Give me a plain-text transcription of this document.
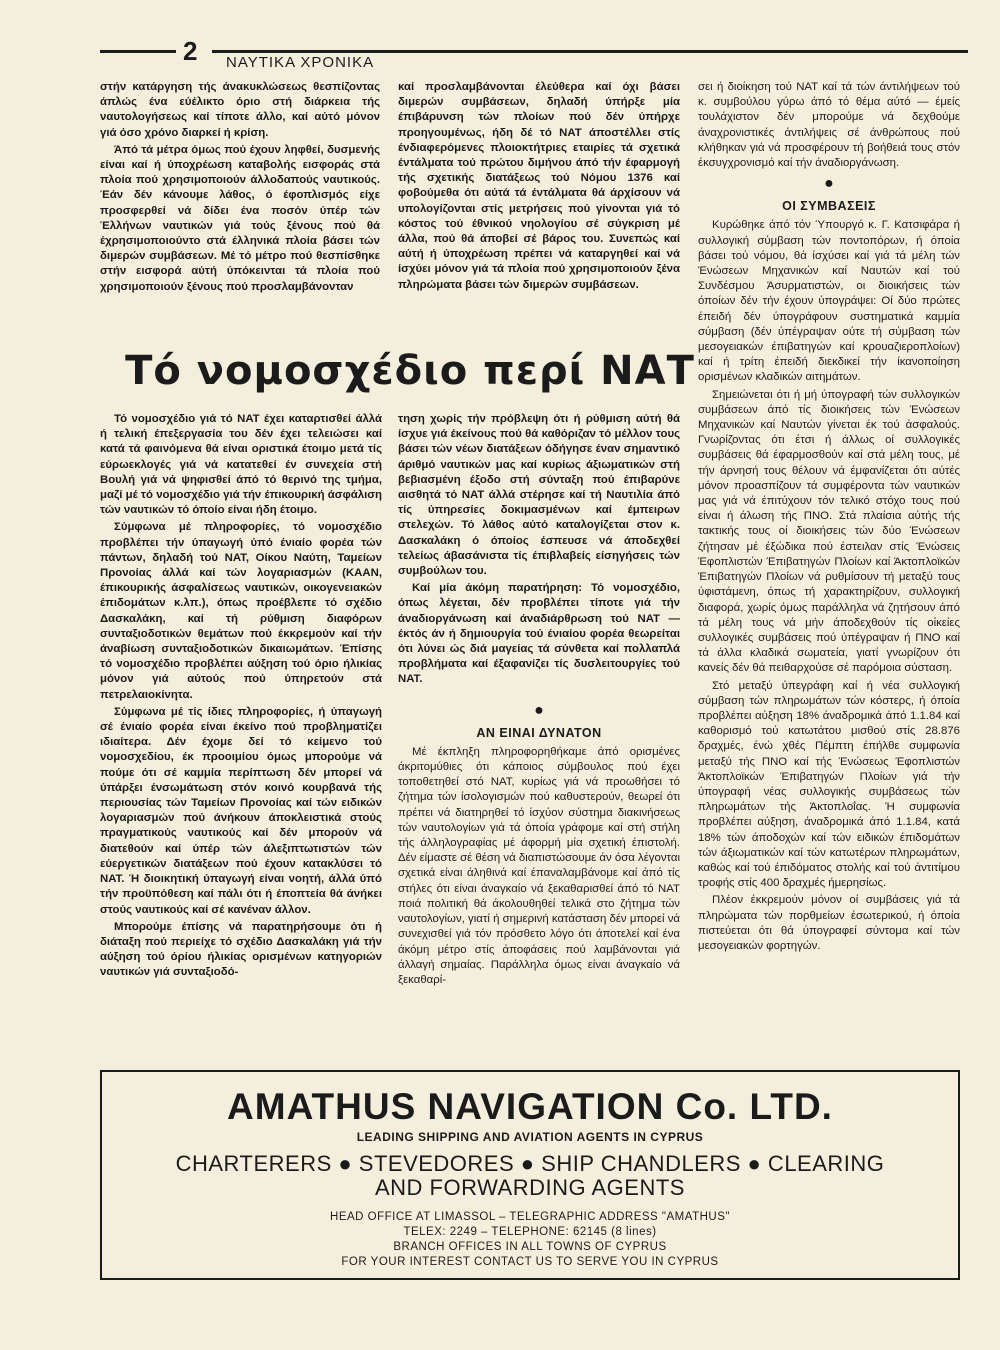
2 ΝΑΥΤΙΚΑ ΧΡΟΝΙΚΑ

στήν κατάργηση τής άνακυκλώσεως θεσπίζοντας άπλώς ένα εύέλικτο όριο στή διάρκεια τής ναυτολογήσεως καί τίποτε άλλο, καί αύτό μόνον γιά όσο χρόνο διαρκεί ή κρίση.

Άπό τά μέτρα όμως πού έχουν ληφθεί, δυσμενής είναι καί ή ύποχρέωση καταβολής εισφοράς στά πλοία πού χρησιμοποιούν άλλοδαπούς ναυτικούς. Έάν δέν κάνουμε λάθος, ό έφοπλισμός είχε προσφερθεί νά δίδει ένα ποσόν ύπέρ τών Έλλήνων ναυτικών γιά τούς ξένους πού θά έχρησιμοποιούντο στά έλληνικά πλοία βάσει τών διμερών συμβάσεων. Μέ τό μέτρο πού θεσπίσθηκε στήν εισφορά αύτή ύπόκεινται τά πλοία πού χρησιμοποιούν ξένους πού προσλαμβάνονταν

καί προσλαμβάνονται έλεύθερα καί όχι βάσει διμερών συμβάσεων, δηλαδή ύπήρξε μία έπιβάρυνση τών πλοίων πού δέν ύπήρχε προηγουμένως, ήδη δέ τό ΝΑΤ άποστέλλει στίς ένδιαφερόμενες πλοιοκτήτριες εταιρίες τά σχετικά έντάλματα τού πρώτου διμήνου άπό τήν έφαρμογή τής σχετικής διατάξεως τού Νόμου 1376 καί φοβούμεθα ότι αύτά τά έντάλματα θά άρχίσουν νά υπολογίζονται στίς μετρήσεις πού γίνονται γιά τό κόστος τού έθνικού νηολογίου σέ σύγκριση μέ άλλα, πού θά άποβεί σέ βάρος του. Συνεπώς καί αύτή ή ύποχρέωση πρέπει νά καταργηθεί καί νά ίσχύει μόνον γιά τά πλοία πού χρησιμοποιούν ξένα πληρώματα βάσει τών διμερών συμβάσεων.

σει ή διοίκηση τού ΝΑΤ καί τά τών άντιλήψεων τού κ. συμβούλου γύρω άπό τό θέμα αύτό — έμείς τουλάχιστον δέν μπορούμε νά δεχθούμε άναχρονιστικές άντιλήψεις σέ άνθρώπους πού κλήθηκαν γιά νά προσφέρουν τή βοήθειά τους στόν έκσυγχρονισμό καί τήν άναδιοργάνωση.

●
ΟΙ ΣΥΜΒΑΣΕΙΣ

Κυρώθηκε άπό τόν Ύπουργό κ. Γ. Κατσιφάρα ή συλλογική σύμβαση τών ποντοπόρων, ή όποία βάσει τού νόμου, θά ίσχύσει καί γιά τά μέλη τών Ένώσεων Μηχανικών καί Ναυτών καί τού Συνδέσμου Άσυρματιστών, οι διοικήσεις τών όποίων δέν τήν έχουν ύπογράψει: Οί δύο πρώτες έπειδή δέν ύπογράφουν συστηματικά καμμία σύμβαση (δέν ύπέγραψαν ούτε τή σύμβαση τών μεσογειακών έπιβατηγών καί κρουαζιερoπλοίων) καί ή τρίτη έπειδή διεκδικεί τήν ίκανοποίηση ορισμένων κλαδικών αιτημάτων.

Σημειώνεται ότι ή μή ύπογραφή τών συλλογικών συμβάσεων άπό τίς διοικήσεις τών Ένώσεων Μηχανικών καί Ναυτών γίνεται έκ τού άσφαλούς. Γνωρίζοντας ότι έτσι ή άλλως οί συλλογικές συμβάσεις θά έφαρμοσθούν καί στά μέλη τους, μέ τήν άρνησή τους θέλουν νά έμφανίζεται ότι αύτές μόνον προασπίζουν τά συμφέροντα τών ναυτικών μας γιά νά έπιτύχουν τόν τελικό στόχο τους πού είναι ή άλωση τής ΠΝΟ. Στά πλαίσια αύτής τής τακτικής τους οί διοικήσεις τών δύο Ένώσεων ζήτησαν μέ έξώδικα πού έστειλαν στίς Ένώσεις Έφοπλιστών Έπιβατηγών Πλοίων καί Άκτοπλοϊκών Έπιβατηγών Πλοίων νά ρυθμίσουν τή μεταξύ τους ύφιστάμενη, όπως τή χαρακτηρίζουν, συλλογική διαφορά, χωρίς όμως παράλληλα νά ζητήσουν άπό τά μέλη τους νά μήν άποδεχθούν τίς οίκείες συλλογικές συμβάσεις πού ύπέγραψαν ή ΠΝΟ καί τά άλλα κλαδικά σωματεία, γιατί γνωρίζουν ότι κανείς δέν θά πειθαρχούσε σέ παρόμοια σύσταση.

Στό μεταξύ ύπεγράφη καί ή νέα συλλογική σύμβαση τών πληρωμάτων τών κόστερς, ή όποία προβλέπει αύξηση 18% άναδρομικά άπό 1.1.84 καί καθορισμό τού κατωτάτου μισθού στίς 28.876 δραχμές, ένώ χθές Πέμπτη έπήλθε συμφωνία μεταξύ τής ΠΝΟ καί τής Ένώσεως Έφοπλιστών Άκτοπλοϊκών Έπιβατηγών Πλοίων γιά τήν ύπογραφή νέας συλλογικής συμβάσεως τών πληρωμάτων τής Άκτοπλοΐας. Ή συμφωνία προβλέπει αύξηση, άναδρομικά άπό 1.1.84, κατά 18% τών άποδοχών καί τών ειδικών έπιδομάτων τών άξιωματικών καί τών κατωτέρων πληρωμάτων, καθώς καί τού έπιδόματος στολής καί τού άντιτίμου τροφής στίς 400 δραχμές ήμερησίως.

Πλέον έκκρεμούν μόνον οί συμβάσεις γιά τά πληρώματα τών πορθμείων έσωτερικού, ή όποία πιστεύεται ότι θά ύπογραφεί σύντομα καί τών μεσογειακών φορτηγών.

Τό νομοσχέδιο περί ΝΑΤ

Τό νομοσχέδιο γιά τό ΝΑΤ έχει καταρτισθεί άλλά ή τελική έπεξεργασία του δέν έχει τελειώσει καί κατά τά φαινόμενα θά είναι οριστικά έτοιμο μετά τίς εύρωεκλογές γιά νά κατατεθεί έν συνεχεία στή Βουλή γιά νά ψηφισθεί άπό τό θερινό της τμήμα, μαζί μέ τό νομοσχέδιο γιά τήν έπικουρική άσφάλιση τών ναυτικών τό όποίο είναι ήδη έτοιμο.

Σύμφωνα μέ πληροφορίες, τό νομοσχέδιο προβλέπει τήν ύπαγωγή ύπό ένιαίο φορέα τών πάντων, δηλαδή τού ΝΑΤ, Οίκου Ναύτη, Ταμείων Προνοίας άλλά καί τών λογαριασμών (ΚΑΑΝ, έπικουρικής άσφαλίσεως ναυτικών, οικογενειακών έπιδομάτων κ.λπ.), όπως προέβλεπε τό σχέδιο Δασκαλάκη, καί τή ρύθμιση διαφόρων συνταξιοδοτικών θεμάτων πού έκκρεμούν καί τήν άναβίωση συνταξιοδοτικών δικαιωμάτων. Έπίσης τό νομοσχέδιο προβλέπει αύξηση τού όριο ήλικίας μόνον γιά αύτούς πού ύπηρετούν στά πετρελαιοκίνητα.

Σύμφωνα μέ τίς ίδιες πληροφορίες, ή ύπαγωγή σέ ένιαίο φορέα είναι έκείνο πού προβληματίζει ιδιαίτερα. Δέν έχομε δεί τό κείμενο τού νομοσχεδίου, έκ προοιμίου όμως μπορούμε νά πούμε ότι σέ καμμία περίπτωση δέν μπορεί νά ύπάρξει ένσωμάτωση στόν κοινό κουρβανά τής περιουσίας τών Ταμείων Προνοίας καί τών ειδικών λογαριασμών πού άνήκουν άποκλειστικά στούς πραγματικούς ναυτικούς καί δέν μπορούν νά διατεθούν καί ύπέρ τών άλεξιπτωτιστών τών εύεργετικών διατάξεων πού έχουν κατακλύσει τό ΝΑΤ. Ή διοικητική ύπαγωγή είναι νοητή, άλλά ύπό τήν προϋπόθεση καί πάλι ότι ή έποπτεία θά άνήκει στούς ναυτικούς καί σέ κανέναν άλλον.

Μπορούμε έπίσης νά παρατηρήσουμε ότι ή διάταξη πού περιείχε τό σχέδιο Δασκαλάκη γιά τήν αύξηση τού όρίου ήλικίας ορισμένων κατηγοριών ναυτικών γιά συνταξιοδό-

τηση χωρίς τήν πρόβλεψη ότι ή ρύθμιση αύτή θά ίσχυε γιά έκείνους πού θά καθόριζαν τό μέλλον τους βάσει τών νέων διατάξεων όδήγησε έναν σημαντικό άριθμό ναυτικών μας καί κυρίως άξιωματικών στή βεβιασμένη έξοδο στή σύνταξη πού έπιβαρύνε αισθητά τό ΝΑΤ άλλά στέρησε καί τή Ναυτιλία άπό τίς ύπηρεσίες δοκιμασμένων καί έμπειρων στελεχών. Τό λάθος αύτό καταλογίζεται στον κ. Δασκαλάκη ό όποίος έσπευσε νά άποδεχθεί τελείως άβασάνιστα τίς έπιβλαβείς είσηγήσεις τών συμβούλων του.

Καί μία άκόμη παρατήρηση: Τό νομοσχέδιο, όπως λέγεται, δέν προβλέπει τίποτε γιά τήν άναδιοργάνωση καί άναδιάρθρωση τού ΝΑΤ — έκτός άν ή δημιουργία τού ένιαίου φορέα θεωρείται ότι λύνει ώς διά μαγείας τά σύνθετα καί πολλαπλά προβλήματα καί έξαφανίζει τίς δυσλειτουργίες τού ΝΑΤ.

●
ΑΝ ΕΙΝΑΙ ΔΥΝΑΤΟΝ

Μέ έκπληξη πληροφορηθήκαμε άπό ορισμένες άκριτομύθιες ότι κάποιος σύμβουλος πού έχει τοποθετηθεί στό ΝΑΤ, κυρίως γιά νά προωθήσει τό ζήτημα τών ίσολογισμών πού καθυστερούν, θεωρεί ότι πρέπει νά διατηρηθεί τό ίσχύον σύστημα διακινήσεως τών ναυτολογίων γιά τά όποία γράφομε καί στή στήλη τής άλληλογραφίας μέ άφορμή μία σχετική έπιστολή. Δέν είμαστε σέ θέση νά διαπιστώσουμε άν όσα λέγονται σχετικά είναι άληθινά καί έπαναλαμβάνομε καί άπό τίς στήλες ότι είναι άναγκαίο νά ξεκαθαρισθεί άπό τό ΝΑΤ ποιά πολιτική θά άκολουθηθεί τελικά στο ζήτημα τών ναυτολογίων, γιατί ή σημερινή κατάσταση δέν μπορεί νά συνεχισθεί γιά τόν πρόσθετο λόγο ότι άποτελεί καί ένα άκόμη μέτρο στίς άποφάσεις πού λαμβάνονται γιά άλλαγή σημαίας. Παράλληλα όμως είναι άναγκαίο νά ξεκαθαρί-

AMATHUS NAVIGATION Co. LTD.
LEADING SHIPPING AND AVIATION AGENTS IN CYPRUS
CHARTERERS ● STEVEDORES ● SHIP CHANDLERS ● CLEARING
AND FORWARDING AGENTS
HEAD OFFICE AT LIMASSOL – TELEGRAPHIC ADDRESS "AMATHUS"
TELEX: 2249 – TELEPHONE: 62145 (8 lines)
BRANCH OFFICES IN ALL TOWNS OF CYPRUS
FOR YOUR INTEREST CONTACT US TO SERVE YOU IN CYPRUS
